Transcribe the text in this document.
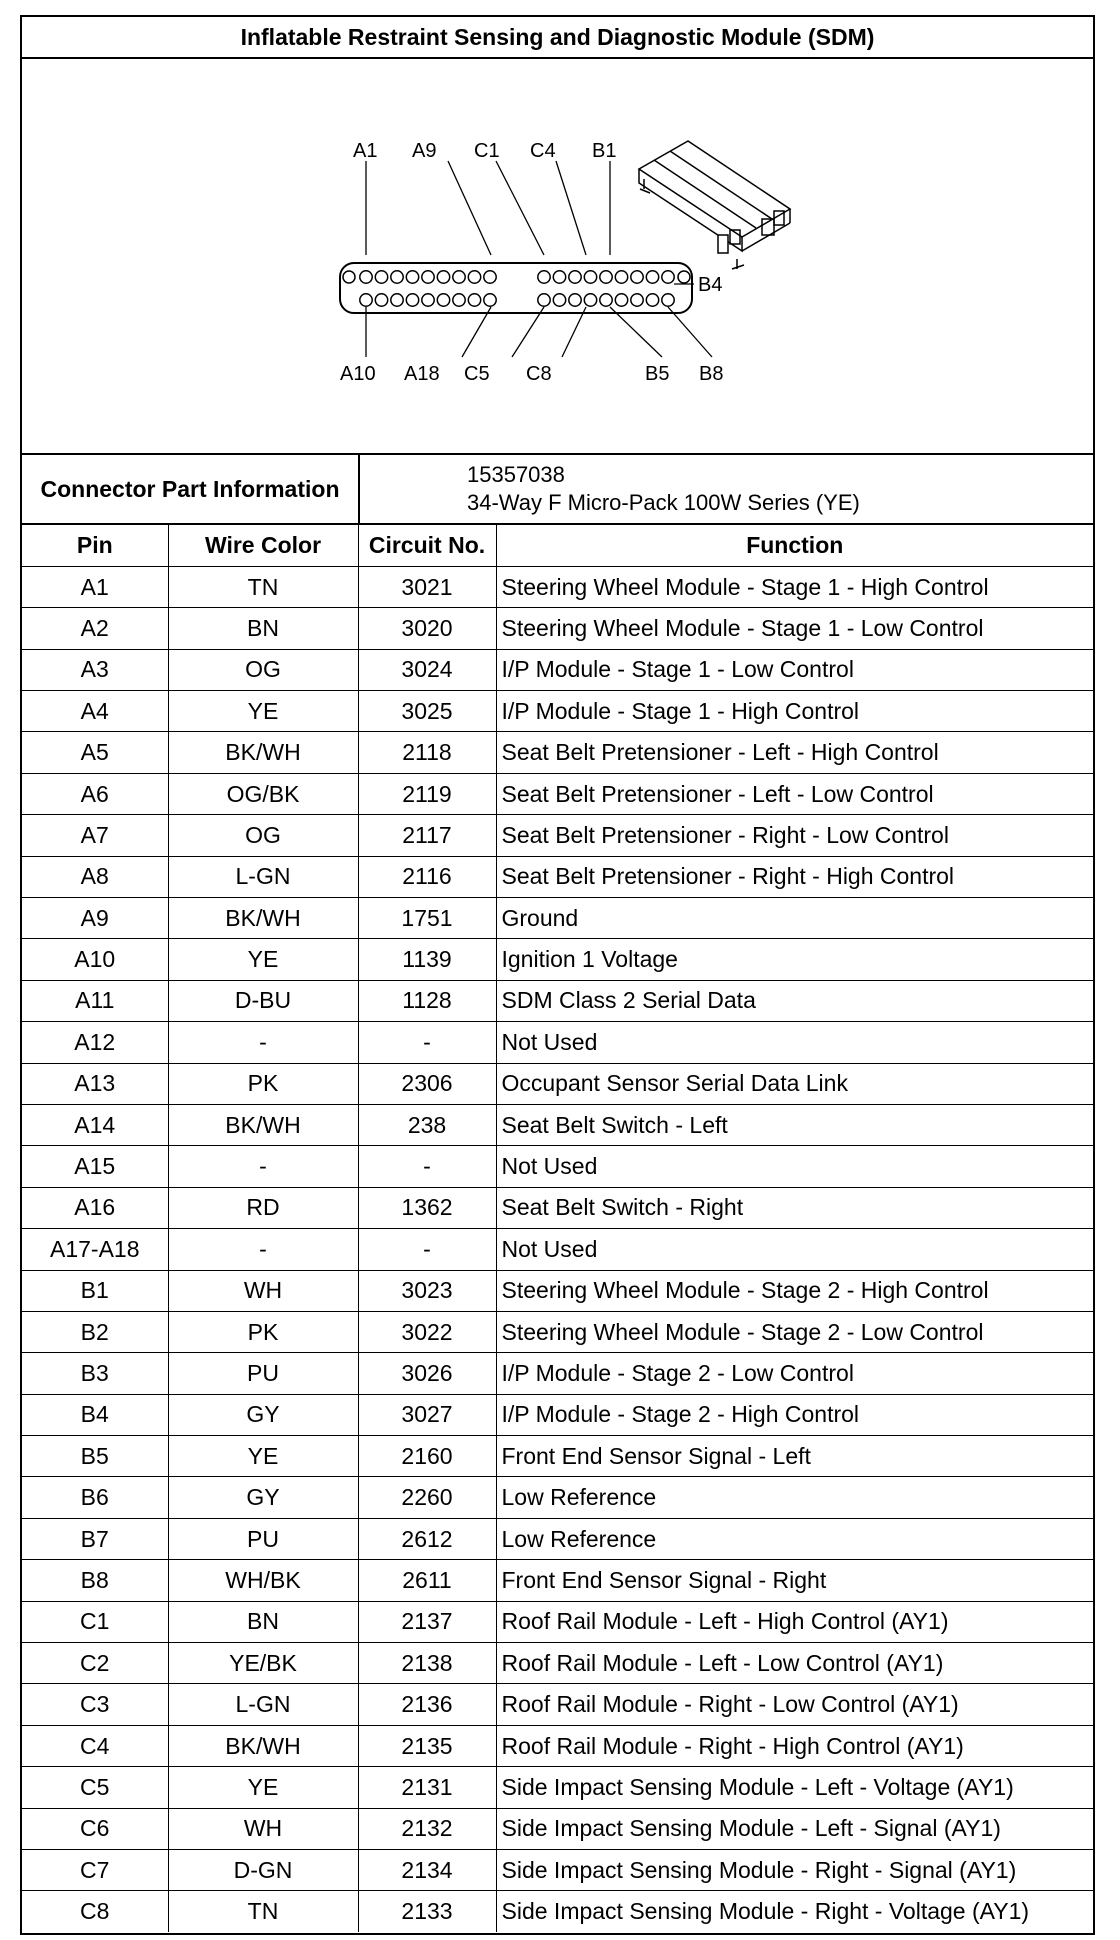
Inflatable Restraint Sensing and Diagnostic Module (SDM)
A1 A9 C1 C4 B1
B4
A10 A18 C5 C8	B5 B8
Connector Part Information
15357038
34-Way F Micro-Pack 100W Series (YE)
Pin	Wire Color	Circuit No.	Function
A1	TN	3021	Steering Wheel Module - Stage 1 - High Control
A2	BN	3020	Steering Wheel Module - Stage 1 - Low Control
A3	OG	3024	I/P Module - Stage 1 - Low Control
A4	YE	3025	I/P Module - Stage 1 - High Control
A5	BK/WH	2118	Seat Belt Pretensioner - Left - High Control
A6	OG/BK	2119	Seat Belt Pretensioner - Left - Low Control
A7	OG	2117	Seat Belt Pretensioner - Right - Low Control
A8	L-GN	2116	Seat Belt Pretensioner - Right - High Control
A9	BK/WH	1751	Ground
A10	YE	1139	Ignition 1 Voltage
A11	D-BU	1128	SDM Class 2 Serial Data
A12	-	-	Not Used
A13	PK	2306	Occupant Sensor Serial Data Link
A14	BK/WH	238	Seat Belt Switch - Left
A15	-	-	Not Used
A16	RD	1362	Seat Belt Switch - Right
A17-A18	-	-	Not Used
B1	WH	3023	Steering Wheel Module - Stage 2 - High Control
B2	PK	3022	Steering Wheel Module - Stage 2 - Low Control
B3	PU	3026	I/P Module - Stage 2 - Low Control
B4	GY	3027	I/P Module - Stage 2 - High Control
B5	YE	2160	Front End Sensor Signal - Left
B6	GY	2260	Low Reference
B7	PU	2612	Low Reference
B8	WH/BK	2611	Front End Sensor Signal - Right
C1	BN	2137	Roof Rail Module - Left - High Control (AY1)
C2	YE/BK	2138	Roof Rail Module - Left - Low Control (AY1)
C3	L-GN	2136	Roof Rail Module - Right - Low Control (AY1)
C4	BK/WH	2135	Roof Rail Module - Right - High Control (AY1)
C5	YE	2131	Side Impact Sensing Module - Left - Voltage (AY1)
C6	WH	2132	Side Impact Sensing Module - Left - Signal (AY1)
C7	D-GN	2134	Side Impact Sensing Module - Right - Signal (AY1)
C8	TN	2133	Side Impact Sensing Module - Right - Voltage (AY1)
